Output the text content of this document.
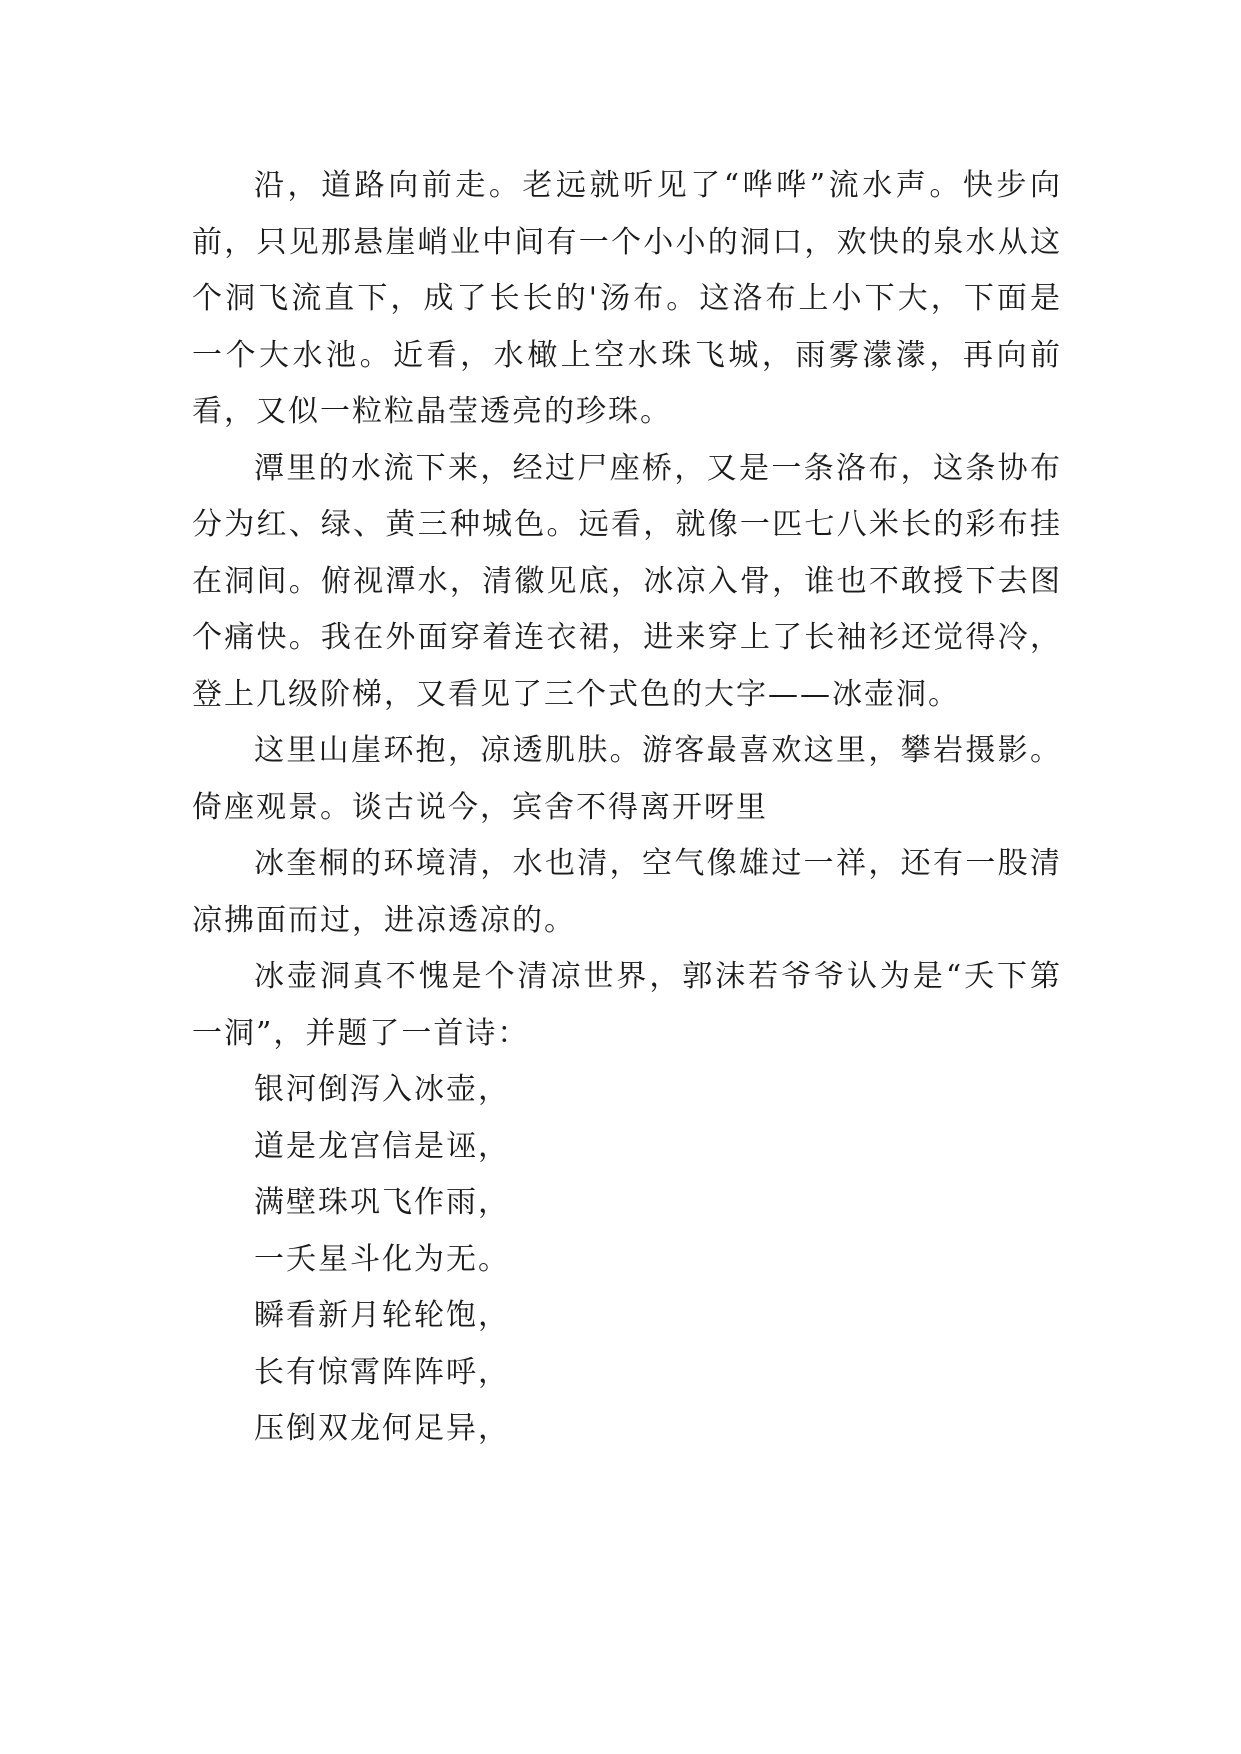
沿，道路向前走。老远就听见了“哗哗”流水声。快步向前，只见那悬崖峭业中间有一个小小的洞口，欢快的泉水从这个洞飞流直下，成了长长的'汤布。这洛布上小下大，下面是一个大水池。近看，水橄上空水珠飞城，雨雾濛濛，再向前看，又似一粒粒晶莹透亮的珍珠。

潭里的水流下来，经过尸座桥，又是一条洛布，这条协布分为红、绿、黄三种城色。远看，就像一匹七八米长的彩布挂在洞间。俯视潭水，清徽见底，冰凉入骨，谁也不敢授下去图个痛快。我在外面穿着连衣裙，进来穿上了长袖衫还觉得冷，登上几级阶梯，又看见了三个式色的大字——冰壶洞。

这里山崖环抱，凉透肌肤。游客最喜欢这里，攀岩摄影。倚座观景。谈古说今，宾舍不得离开呀里

冰奎桐的环境清，水也清，空气像雄过一祥，还有一股清凉拂面而过，进凉透凉的。

冰壶洞真不愧是个清凉世界，郭沫若爷爷认为是“夭下第一洞”，并题了一首诗：

银河倒泻入冰壶，

道是龙宫信是诬，

满壁珠巩飞作雨，

一夭星斗化为无。

瞬看新月轮轮饱，

长有惊霄阵阵呼，

压倒双龙何足异，
